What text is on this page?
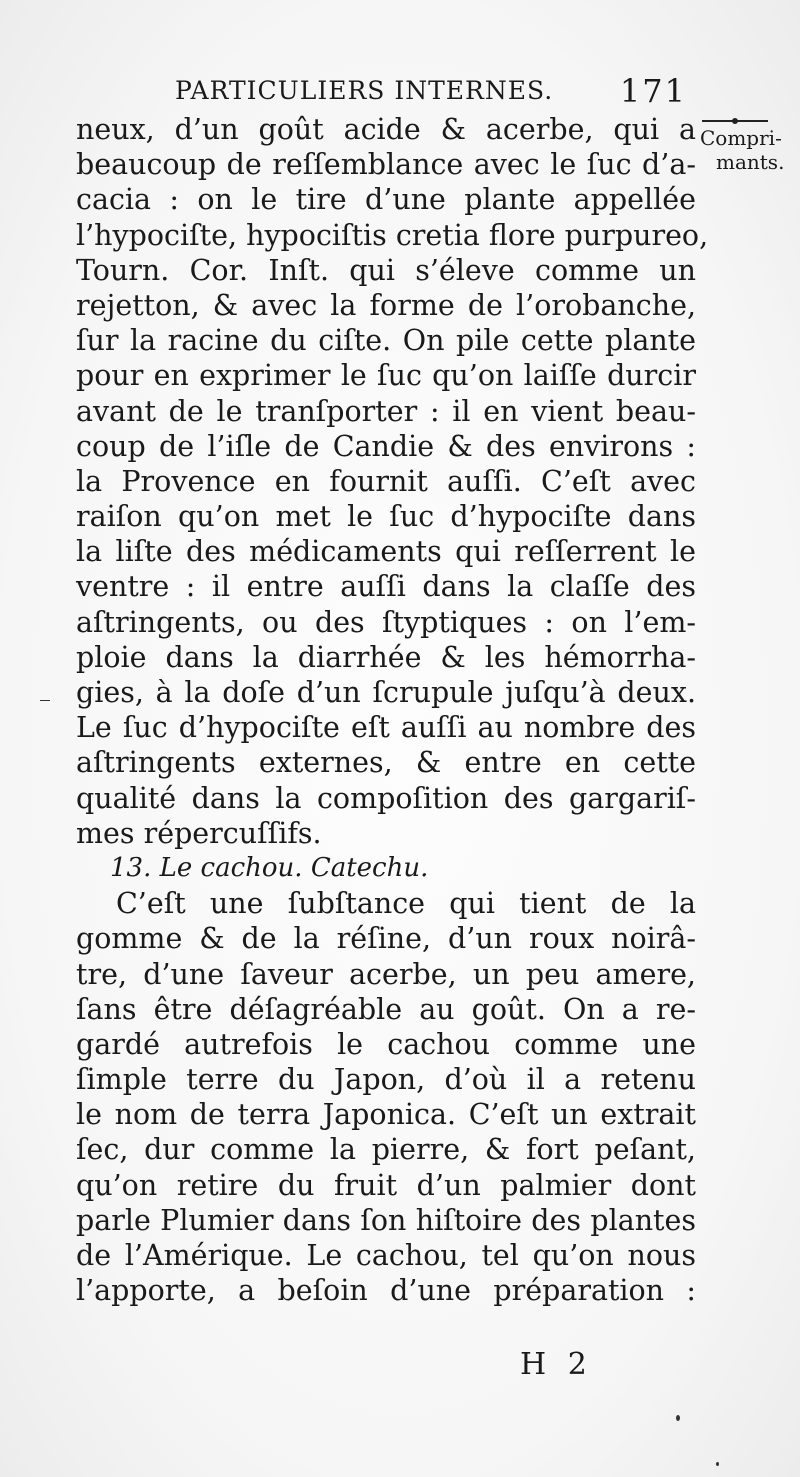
PARTICULIERS INTERNES. 171
Compri-
mants.
neux, d’un goût acide & acerbe, qui a
beaucoup de reſſemblance avec le ſuc d’a-
cacia : on le tire d’une plante appellée
l’hypociſte, hypociſtis cretia flore purpureo,
Tourn. Cor. Inſt. qui s’éleve comme un
rejetton, & avec la forme de l’orobanche,
ſur la racine du ciſte. On pile cette plante
pour en exprimer le ſuc qu’on laiſſe durcir
avant de le tranſporter : il en vient beau-
coup de l’iſle de Candie & des environs :
la Provence en fournit auſſi. C’eſt avec
raiſon qu’on met le ſuc d’hypociſte dans
la liſte des médicaments qui reſſerrent le
ventre : il entre auſſi dans la claſſe des
aſtringents, ou des ſtyptiques : on l’em-
ploie dans la diarrhée & les hémorrha-
gies, à la doſe d’un ſcrupule juſqu’à deux.
Le ſuc d’hypociſte eſt auſſi au nombre des
aſtringents externes, & entre en cette
qualité dans la compoſition des gargariſ-
mes répercuſſifs.
13. Le cachou. Catechu.
C’eſt une ſubſtance qui tient de la
gomme & de la réſine, d’un roux noirâ-
tre, d’une ſaveur acerbe, un peu amere,
ſans être déſagréable au goût. On a re-
gardé autrefois le cachou comme une
ſimple terre du Japon, d’où il a retenu
le nom de terra Japonica. C’eſt un extrait
ſec, dur comme la pierre, & fort peſant,
qu’on retire du fruit d’un palmier dont
parle Plumier dans ſon hiſtoire des plantes
de l’Amérique. Le cachou, tel qu’on nous
l’apporte, a beſoin d’une préparation :
H 2
